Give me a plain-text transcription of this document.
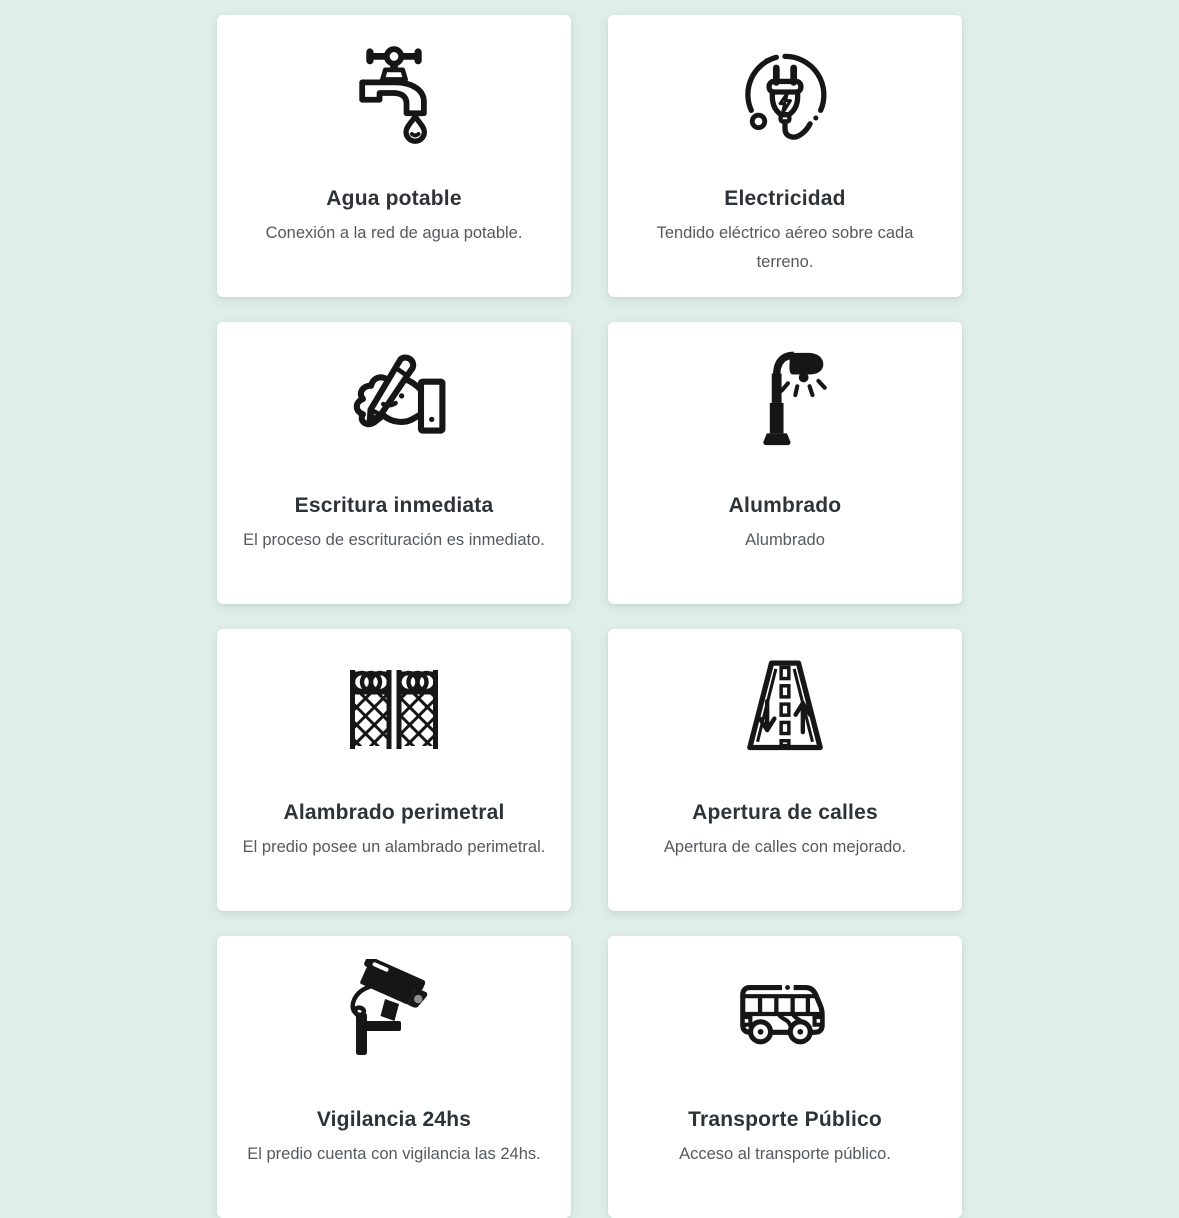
Agua potable

Conexión a la red de agua potable.

Electricidad

Tendido eléctrico aéreo sobre cada terreno.

Escritura inmediata

El proceso de escrituración es inmediato.

Alumbrado

Alumbrado

Alambrado perimetral

El predio posee un alambrado perimetral.

Apertura de calles

Apertura de calles con mejorado.

Vigilancia 24hs

El predio cuenta con vigilancia las 24hs.

Transporte Público

Acceso al transporte público.
